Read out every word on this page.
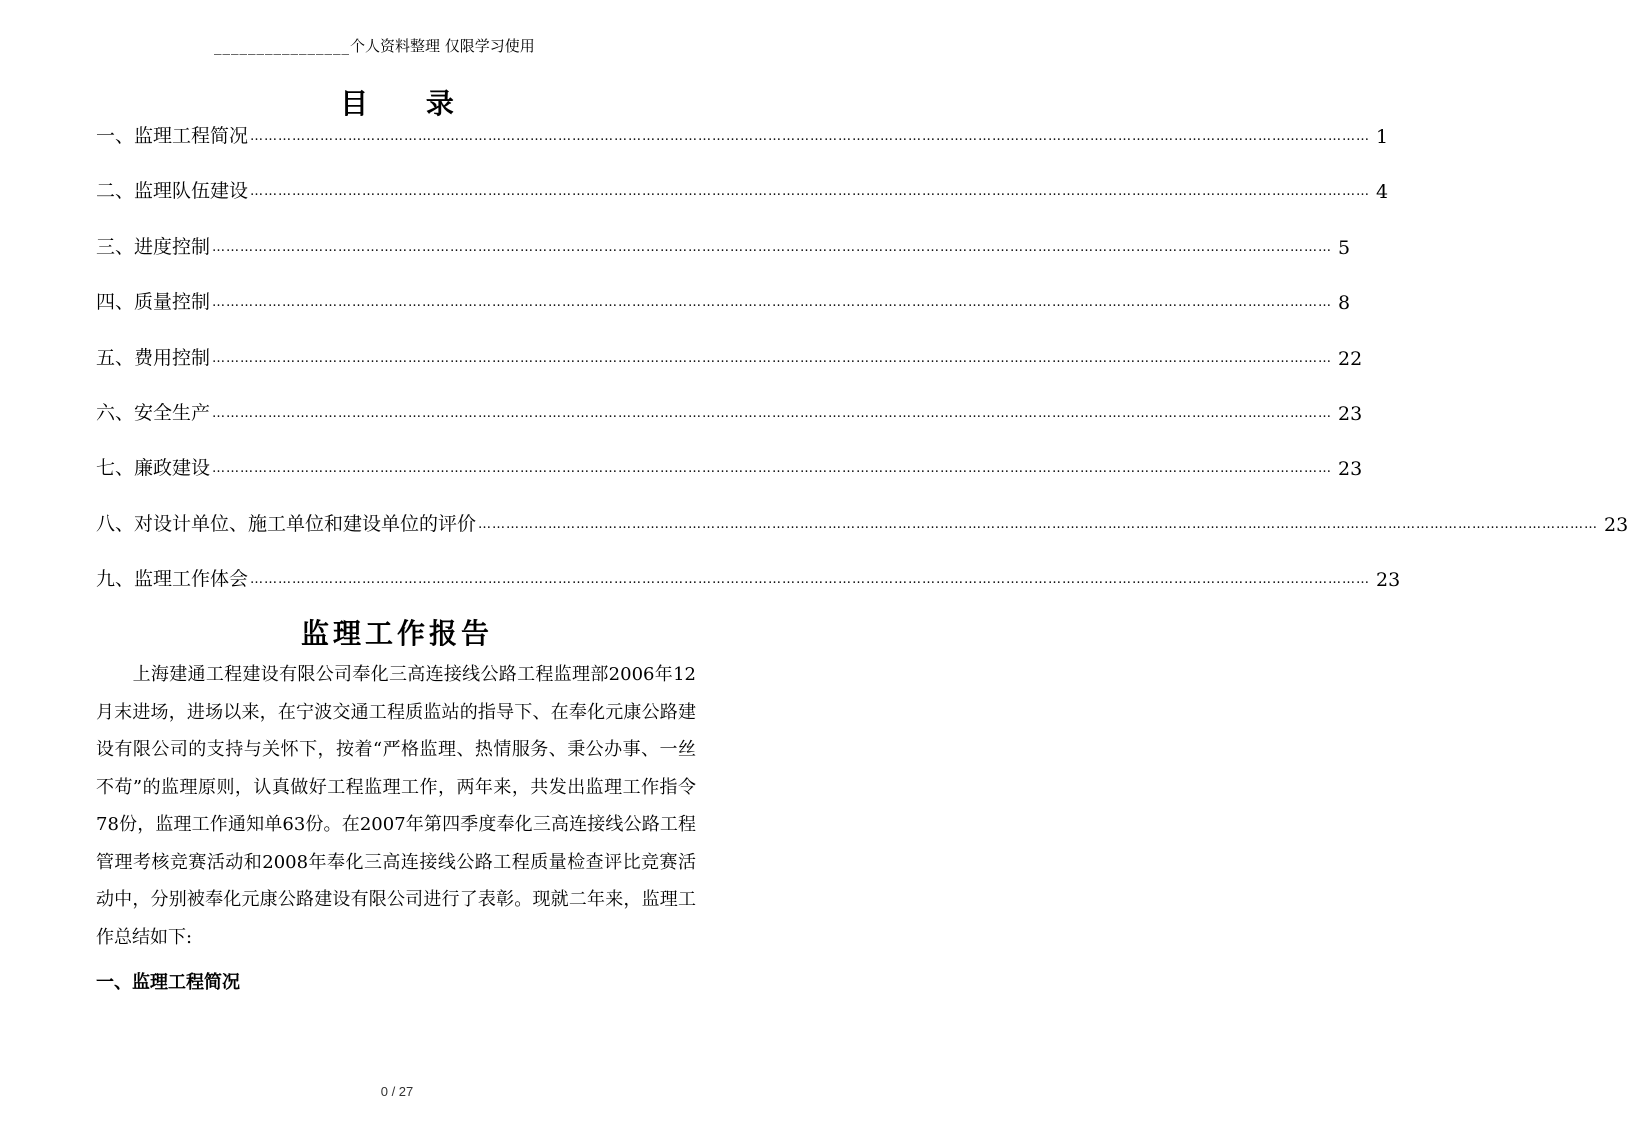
________________个人资料整理 仅限学习使用
目 录
一、监理工程简况 …………………………………………………………………………………………………………………………………………………………………………………………………………………… 1
二、监理队伍建设 …………………………………………………………………………………………………………………………………………………………………………………………………………………… 4
三、进度控制 …………………………………………………………………………………………………………………………………………………………………………………………………………………… 5
四、质量控制 …………………………………………………………………………………………………………………………………………………………………………………………………………………… 8
五、费用控制 …………………………………………………………………………………………………………………………………………………………………………………………………………………… 22
六、安全生产 …………………………………………………………………………………………………………………………………………………………………………………………………………………… 23
七、廉政建设 …………………………………………………………………………………………………………………………………………………………………………………………………………………… 23
八、对设计单位、施工单位和建设单位的评价 …………………………………………………………………………………………………………………………………………………………………………………………………………………… 23
九、监理工作体会 …………………………………………………………………………………………………………………………………………………………………………………………………………………… 23
监理工作报告
　　上海建通工程建设有限公司奉化三高连接线公路工程监理部2006年12月末进场，进场以来，在宁波交通工程质监站的指导下、在奉化元康公路建设有限公司的支持与关怀下，按着“严格监理、热情服务、秉公办事、一丝不苟”的监理原则，认真做好工程监理工作，两年来，共发出监理工作指令78份，监理工作通知单63份。在2007年第四季度奉化三高连接线公路工程管理考核竞赛活动和2008年奉化三高连接线公路工程质量检查评比竞赛活动中，分别被奉化元康公路建设有限公司进行了表彰。现就二年来，监理工作总结如下:
一、监理工程简况
0 / 27
